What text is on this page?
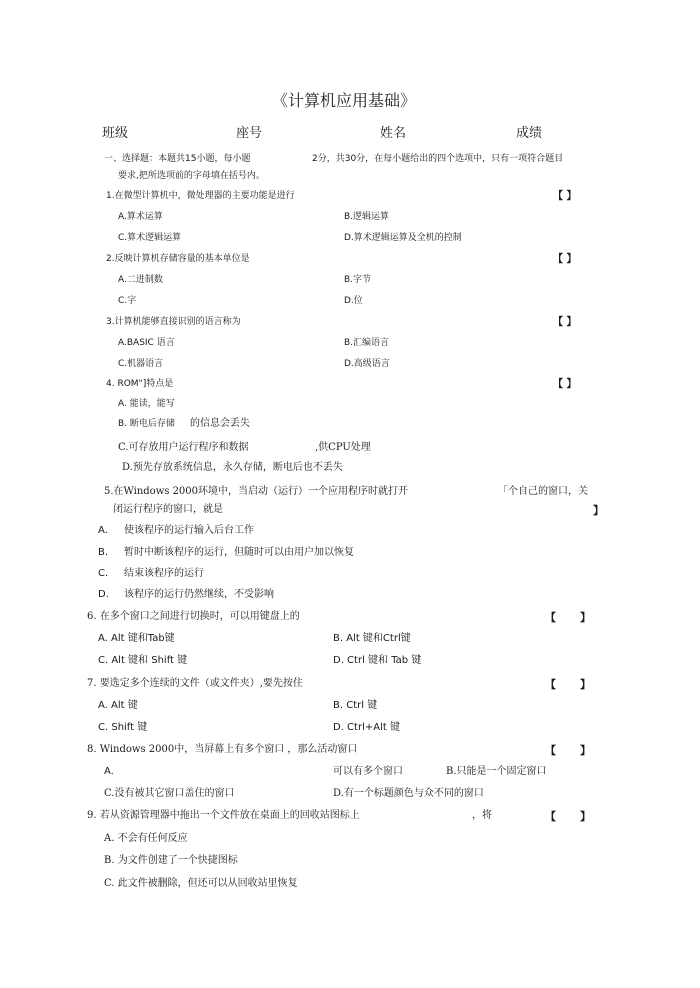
《计算机应用基础》
班级	座号	姓名	成绩
一、选择题：本题共15小题，每小题	2分，共30分，在每小题给出的四个选项中，只有一项符合题目
要求,把所选项前的字母填在括号内。
1.在微型计算机中，微处理器的主要功能是进行	【 】
A.算术运算	B.逻辑运算
C.算术逻辑运算	D.算术逻辑运算及全机的控制
2.反映计算机存储容量的基本单位是	【 】
A.二进制数	B.字节
C.字	D.位
3.计算机能够直接识别的语言称为	【 】
A.BASIC 语言	B.汇编语言
C.机器语言	D.高级语言
4. ROM"]特点是	【 】
A. 能读，能写
B. 断电后存储 的信息会丢失
C.可存放用户运行程序和数据	,供CPU处理
D.预先存放系统信息，永久存储，断电后也不丢失
5.在Windows 2000环境中，当启动（运行）一个应用程序时就打开	「个自己的窗口，关
闭运行程序的窗口，就是	】
A. 使该程序的运行输入后台工作
B. 暂时中断该程序的运行，但随时可以由用户加以恢复
C. 结束该程序的运行
D. 该程序的运行仍然继续，不受影响
6. 在多个窗口之间进行切换时，可以用键盘上的	【 】
A. Alt 键和Tab键	B. Alt 键和Ctrl键
C. Alt 键和 Shift 键	D. Ctrl 键和 Tab 键
7. 要选定多个连续的文件（或文件夹）,要先按住	【 】
A. Alt 键	B. Ctrl 键
C. Shift 键	D. Ctrl+Alt 键
8. Windows 2000中，当屏幕上有多个窗口 ，那么活动窗口	【 】
A.	可以有多个窗口	B.只能是一个固定窗口
C.没有被其它窗口盖住的窗口	D.有一个标题颜色与众不同的窗口
9. 若从资源管理器中拖出一个文件放在桌面上的回收站图标上	，将	【 】
A. 不会有任何反应
B. 为文件创建了一个快捷图标
C. 此文件被删除，但还可以从回收站里恢复
